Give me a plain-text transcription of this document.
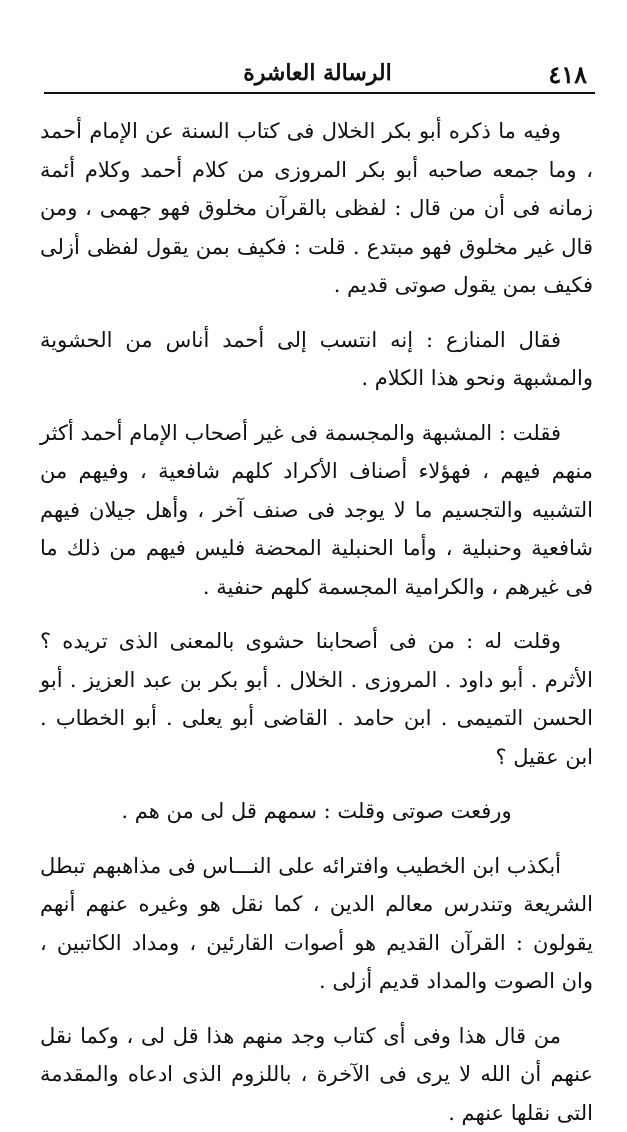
٤١٨
الرسالة العاشرة

وفيه ما ذكره أبو بكر الخلال فى كتاب السنة عن الإمام أحمد ، وما جمعه صاحبه أبو بكر المروزى من كلام أحمد وكلام أئمة زمانه فى أن من قال : لفظى بالقرآن مخلوق فهو جهمى ، ومن قال غير مخلوق فهو مبتدع . قلت : فكيف بمن يقول لفظى أزلى فكيف بمن يقول صوتى قديم .

فقال المنازع : إنه انتسب إلى أحمد أناس من الحشوية والمشبهة ونحو هذا الكلام .

فقلت : المشبهة والمجسمة فى غير أصحاب الإمام أحمد أكثر منهم فيهم ، فهؤلاء أصناف الأكراد كلهم شافعية ، وفيهم من التشبيه والتجسيم ما لا يوجد فى صنف آخر ، وأهل جيلان فيهم شافعية وحنبلية ، وأما الحنبلية المحضة فليس فيهم من ذلك ما فى غيرهم ، والكرامية المجسمة كلهم حنفية .

وقلت له : من فى أصحابنا حشوى بالمعنى الذى تريده ؟ الأثرم . أبو داود . المروزى . الخلال . أبو بكر بن عبد العزيز . أبو الحسن التميمى . ابن حامد . القاضى أبو يعلى . أبو الخطاب . ابن عقيل ؟

ورفعت صوتى وقلت : سمهم قل لى من هم .

أبكذب ابن الخطيب وافترائه على النـــاس فى مذاهبهم تبطل الشريعة وتندرس معالم الدين ، كما نقل هو وغيره عنهم أنهم يقولون : القرآن القديم هو أصوات القارئين ، ومداد الكاتبين ، وان الصوت والمداد قديم أزلى .

من قال هذا وفى أى كتاب وجد منهم هذا قل لى ، وكما نقل عنهم أن الله لا يرى فى الآخرة ، باللزوم الذى ادعاه والمقدمة التى نقلها عنهم .
